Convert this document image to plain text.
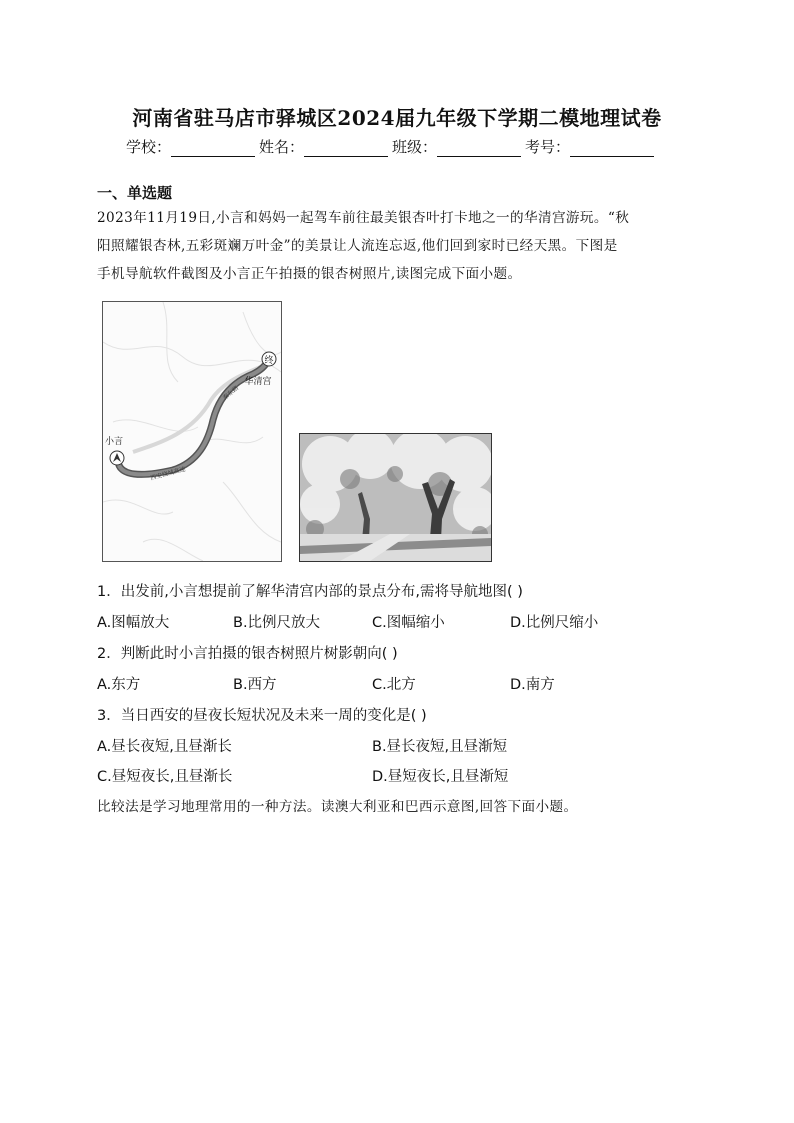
河南省驻马店市驿城区2024届九年级下学期二模地理试卷
学校：	姓名：	班级：	考号：
一、单选题
2023年11月19日,小言和妈妈一起驾车前往最美银杏叶打卡地之一的华清宫游玩。“秋
阳照耀银杏林,五彩斑斓万叶金”的美景让人流连忘返,他们回到家时已经天黑。下图是
手机导航软件截图及小言正午拍摄的银杏树照片,读图完成下面小题。
终
华清宫
秦东路
西安绕城高速
小言
1．出发前,小言想提前了解华清宫内部的景点分布,需将导航地图( )
A.图幅放大	B.比例尺放大	C.图幅缩小	D.比例尺缩小
2．判断此时小言拍摄的银杏树照片树影朝向( )
A.东方	B.西方	C.北方	D.南方
3．当日西安的昼夜长短状况及未来一周的变化是( )
A.昼长夜短,且昼渐长	B.昼长夜短,且昼渐短
C.昼短夜长,且昼渐长	D.昼短夜长,且昼渐短
比较法是学习地理常用的一种方法。读澳大利亚和巴西示意图,回答下面小题。
